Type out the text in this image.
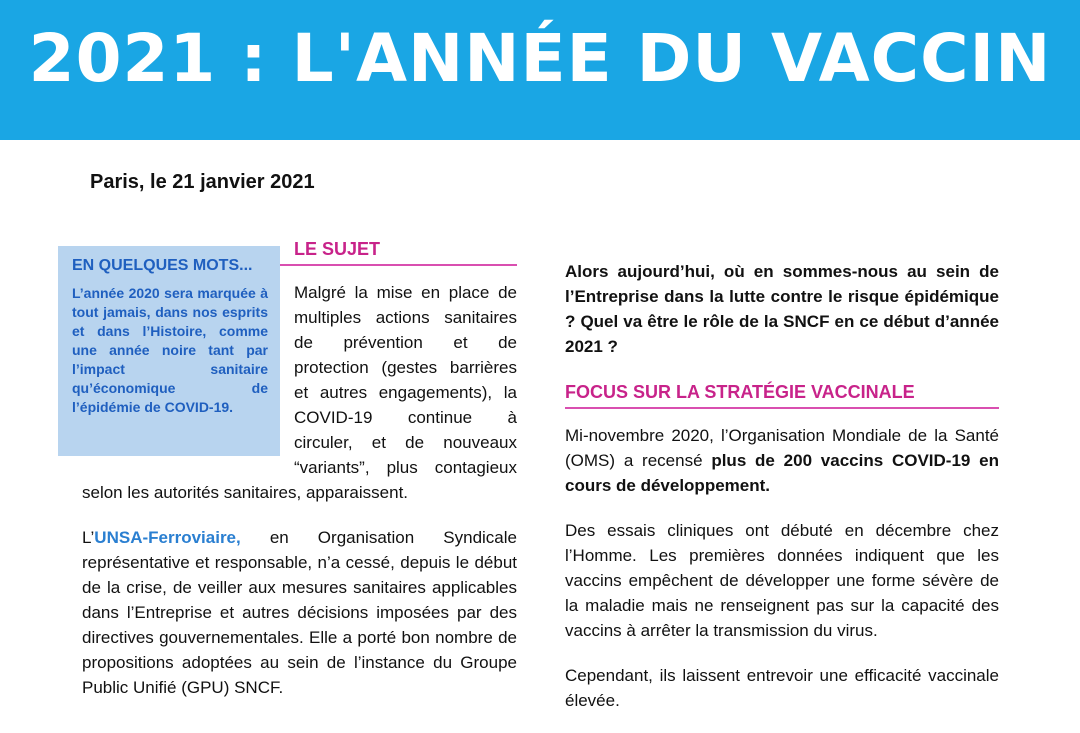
2021 : L'ANNÉE DU VACCIN
Paris, le 21 janvier 2021
EN QUELQUES MOTS...
L’année 2020 sera marquée à tout jamais, dans nos esprits et dans l’Histoire, comme une année noire tant par l’impact sanitaire qu’économique de l’épidémie de COVID-19.
LE SUJET

Malgré la mise en place de multiples actions sanitaires de prévention et de protection (gestes barrières et autres engagements), la COVID-19 continue à circuler, et de nouveaux “variants”, plus contagieux selon les autorités sanitaires, apparaissent.

L’UNSA-Ferroviaire, en Organisation Syndicale représentative et responsable, n’a cessé, depuis le début de la crise, de veiller aux mesures sanitaires applicables dans l’Entreprise et autres décisions imposées par des directives gouvernementales. Elle a porté bon nombre de propositions adoptées au sein de l’instance du Groupe Public Unifié (GPU) SNCF.

Alors aujourd’hui, où en sommes-nous au sein de l’Entreprise dans la lutte contre le risque épidémique ? Quel va être le rôle de la SNCF en ce début d’année 2021 ?

FOCUS SUR LA STRATÉGIE VACCINALE

Mi-novembre 2020, l’Organisation Mondiale de la Santé (OMS) a recensé plus de 200 vaccins COVID-19 en cours de développement.

Des essais cliniques ont débuté en décembre chez l’Homme. Les premières données indiquent que les vaccins empêchent de développer une forme sévère de la maladie mais ne renseignent pas sur la capacité des vaccins à arrêter la transmission du virus.

Cependant, ils laissent entrevoir une efficacité vaccinale élevée.
